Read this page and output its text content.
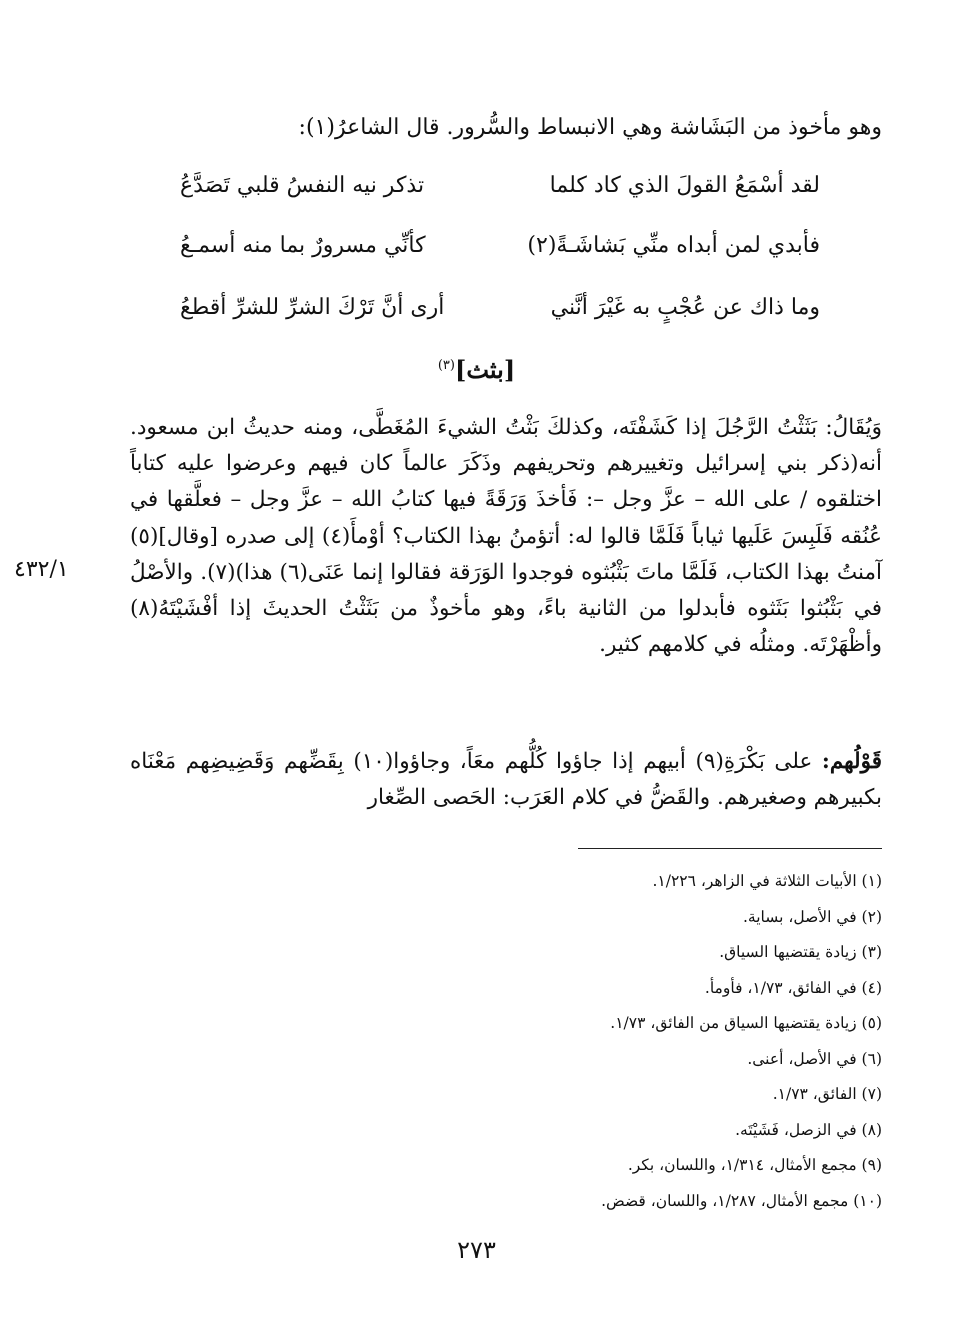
وهو مأخوذ من البَشَاشة وهي الانبساط والسُّرور. قال الشاعرُ(١):
لقد أسْمَعُ القولَ الذي كاد كلما
تذكر نيه النفسُ قلبي تَصَدَّعُ
فأبدي لمن أبداه منِّي بَشاشَـةً(٢)
كأنِّي مسرورٌ بما منه أسمـعُ
وما ذاك عن عُجْبٍ به غَيْرَ أنَّني
أرى أنَّ تَرْكَ الشرِّ للشرِّ أقطعُ
[بثث]$^{(٣)}$
وَيُقَالُ: بَثَثْتُ الرَّجُلَ إذا كَشَفْتَه، وكذلكَ بَثْتُ الشيءَ المُغَطَّى، ومنه حديثُ ابن مسعود. أنه(ذكر بني إسرائيل وتغييرهم وتحريفهم وذَكَرَ عالماً كان فيهم وعرضوا عليه كتاباً اختلقوه / على الله – عزَّ وجل –: فَأخذَ وَرَقَةً فيها كتابُ الله – عزَّ وجل – فعلَّقها في عُنُقه فَلَبِسَ عَلَيها ثياباً فَلَمَّا قالوا له: أتؤمنُ بهذا الكتاب؟ أوْمأَ(٤) إلى صدره [وقال](٥) آمنتُ بهذا الكتاب، فَلَمَّا ماتَ بَثْبُثوه فوجدوا الوَرَقة فقالوا إنما عَنَى(٦) هذا)(٧). والأصْلُ في بَثْبُثوا بَثَثوه فأبدلوا من الثانية باءً، وهو مأخوذٌ من بَثَثْتُ الحديثَ إذا أفْشَيْتَهُ(٨) وأظْهَرْتَه. ومثلُه في كلامهم كثير.
٤٣٢/١
قَوْلُهم: على بَكْرَةِ(٩) أبيهم إذا جاؤوا كُلُّهم معَاً، وجاؤوا(١٠) بِقَضِّهم وَقَضِيضِهم مَعْنَاه بكبيرهم وصغيرهم. والقَضُّ في كلام العَرَب: الحَصى الصِّغار
(١) الأبيات الثلاثة في الزاهر، ١/٢٢٦.
(٢) في الأصل، بساية.
(٣) زيادة يقتضيها السياق.
(٤) في الفائق، ١/٧٣، فأومأ.
(٥) زيادة يقتضيها السياق من الفائق، ١/٧٣.
(٦) في الأصل، أعنى.
(٧) الفائق، ١/٧٣.
(٨) في الزصل، فَشَيْتَه.
(٩) مجمع الأمثال، ١/٣١٤، واللسان، بكر.
(١٠) مجمع الأمثال، ١/٢٨٧، واللسان، قضض.
٢٧٣
